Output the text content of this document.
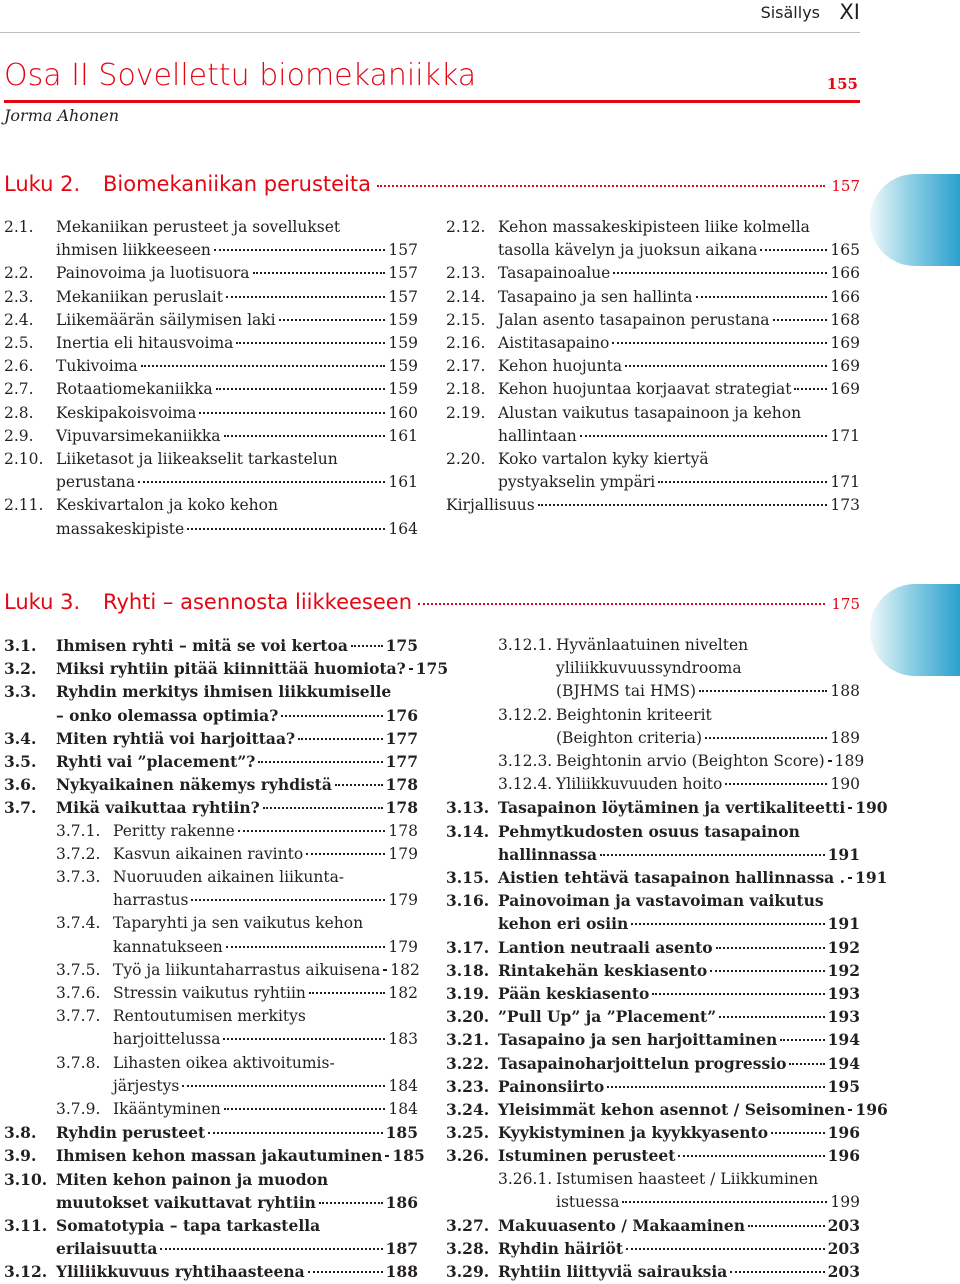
Sisällys XI
Osa II Sovellettu biomekaniikka	155
Jorma Ahonen
Luku 2.	Biomekaniikan perusteita	157
2.1.	Mekaniikan perusteet ja sovellukset
ihmisen liikkeeseen	157
2.2.	Painovoima ja luotisuora	157
2.3.	Mekaniikan peruslait	157
2.4.	Liikemäärän säilymisen laki	159
2.5.	Inertia eli hitausvoima	159
2.6.	Tukivoima	159
2.7.	Rotaatiomekaniikka	159
2.8.	Keskipakoisvoima	160
2.9.	Vipuvarsimekaniikka	161
2.10. Liiketasot ja liikeakselit tarkastelun
perustana	161
2.11. Keskivartalon ja koko kehon
massakeskipiste	164
2.12. Kehon massakeskipisteen liike kolmella
tasolla kävelyn ja juoksun aikana	165
2.13. Tasapainoalue	166
2.14. Tasapaino ja sen hallinta	166
2.15. Jalan asento tasapainon perustana	168
2.16. Aistitasapaino	169
2.17. Kehon huojunta	169
2.18. Kehon huojuntaa korjaavat strategiat	169
2.19. Alustan vaikutus tasapainoon ja kehon
hallintaan	171
2.20. Koko vartalon kyky kiertyä
pystyakselin ympäri	171
Kirjallisuus	173
Luku 3.	Ryhti – asennosta liikkeeseen	175
3.1.	Ihmisen ryhti – mitä se voi kertoa 175
3.2.	Miksi ryhtiin pitää kiinnittää huomiota? 175
3.3.	Ryhdin merkitys ihmisen liikkumiselle
– onko olemassa optimia?	176
3.4.	Miten ryhtiä voi harjoittaa?	177
3.5.	Ryhti vai ”placement”?	177
3.6.	Nykyaikainen näkemys ryhdistä	178
3.7.	Mikä vaikuttaa ryhtiin?	178
3.7.1. Peritty rakenne	178
3.7.2. Kasvun aikainen ravinto	179
3.7.3. Nuoruuden aikainen liikunta-
harrastus	179
3.7.4. Taparyhti ja sen vaikutus kehon
kannatukseen	179
3.7.5. Työ ja liikuntaharrastus aikuisena 182
3.7.6. Stressin vaikutus ryhtiin	182
3.7.7. Rentoutumisen merkitys
harjoittelussa	183
3.7.8. Lihasten oikea aktivoitumis-
järjestys	184
3.7.9. Ikääntyminen	184
3.8.	Ryhdin perusteet	185
3.9.	Ihmisen kehon massan jakautuminen 185
3.10. Miten kehon painon ja muodon
muutokset vaikuttavat ryhtiin	186
3.11. Somatotypia – tapa tarkastella
erilaisuutta	187
3.12. Yliliikkuvuus ryhtihaasteena	188
3.12.1. Hyvänlaatuinen nivelten
yliliikkuvuussyndrooma
(BJHMS tai HMS)	188
3.12.2. Beightonin kriteerit
(Beighton criteria)	189
3.12.3. Beightonin arvio (Beighton Score) 189
3.12.4. Yliliikkuvuuden hoito	190
3.13. Tasapainon löytäminen ja vertikaliteetti 190
3.14. Pehmytkudosten osuus tasapainon
hallinnassa	191
3.15. Aistien tehtävä tasapainon hallinnassa . 191
3.16. Painovoiman ja vastavoiman vaikutus
kehon eri osiin	191
3.17. Lantion neutraali asento	192
3.18. Rintakehän keskiasento	192
3.19. Pään keskiasento	193
3.20. ”Pull Up” ja ”Placement”	193
3.21. Tasapaino ja sen harjoittaminen	194
3.22. Tasapainoharjoittelun progressio	194
3.23. Painonsiirto	195
3.24. Yleisimmät kehon asennot / Seisominen 196
3.25. Kyykistyminen ja kyykkyasento	196
3.26. Istuminen perusteet	196
3.26.1. Istumisen haasteet / Liikkuminen
istuessa	199
3.27. Makuuasento / Makaaminen	203
3.28. Ryhdin häiriöt	203
3.29. Ryhtiin liittyviä sairauksia	203
